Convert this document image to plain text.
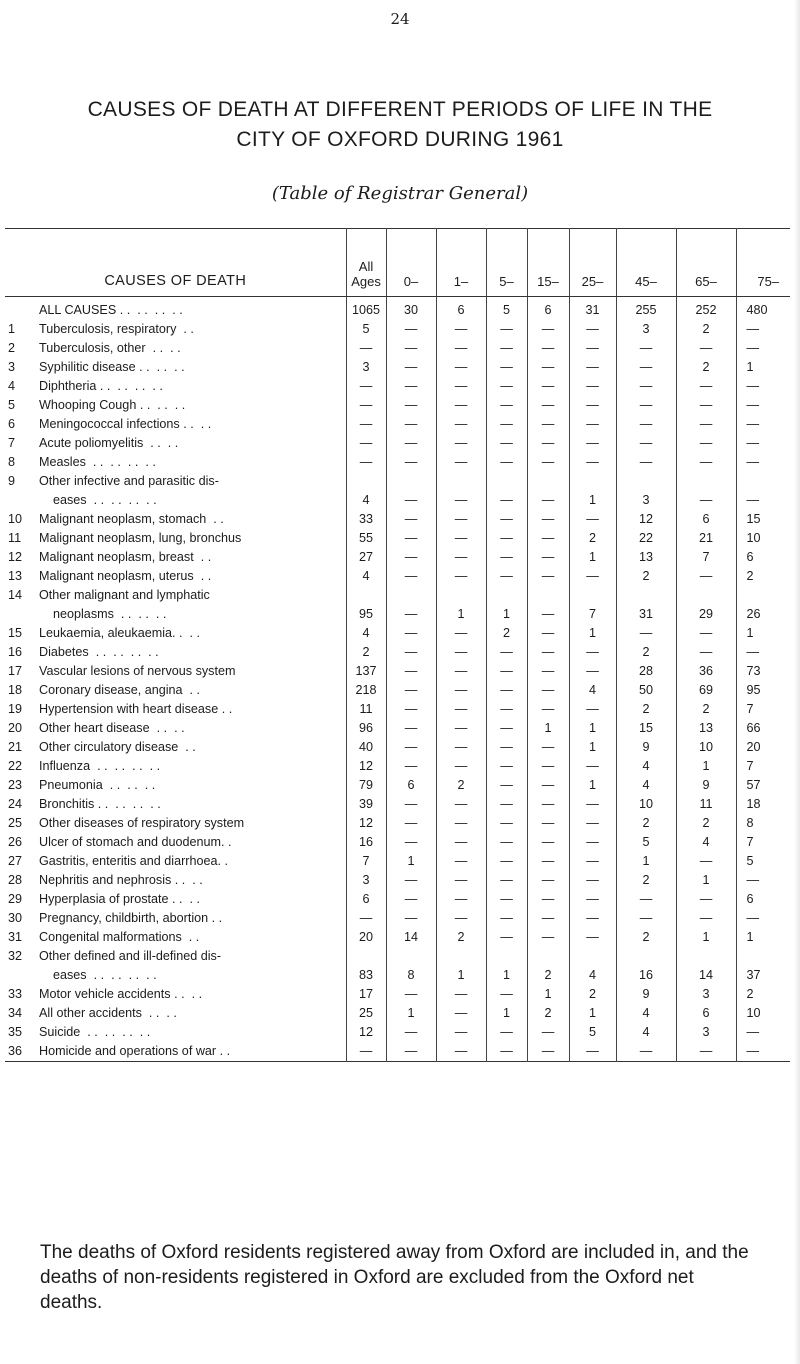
24
CAUSES OF DEATH AT DIFFERENT PERIODS OF LIFE IN THE
CITY OF OXFORD DURING 1961
(Table of Registrar General)
CAUSES OF DEATH		All Ages	0–	1–	5–	15–	25–	45–	65–	75–
	ALL CAUSES . .  . .  . .  . .	1065	30	6	5	6	31	255	252	480
1	Tuberculosis, respiratory  . .	5	—	—	—	—	—	3	2	—
2	Tuberculosis, other  . .  . .	—	—	—	—	—	—	—	—	—
3	Syphilitic disease . .  . .  . .	3	—	—	—	—	—	—	2	1
4	Diphtheria . .  . .  . .  . .	—	—	—	—	—	—	—	—	—
5	Whooping Cough . .  . .  . .	—	—	—	—	—	—	—	—	—
6	Meningococcal infections . .  . .	—	—	—	—	—	—	—	—	—
7	Acute poliomyelitis  . .  . .	—	—	—	—	—	—	—	—	—
8	Measles  . .  . .  . .  . .	—	—	—	—	—	—	—	—	—
9	Other infective and parasitic dis-									
	eases  . .  . .  . .  . .	4	—	—	—	—	1	3	—	—
10	Malignant neoplasm, stomach  . .	33	—	—	—	—	—	12	6	15
11	Malignant neoplasm, lung, bronchus	55	—	—	—	—	2	22	21	10
12	Malignant neoplasm, breast  . .	27	—	—	—	—	1	13	7	6
13	Malignant neoplasm, uterus  . .	4	—	—	—	—	—	2	—	2
14	Other malignant and lymphatic									
	neoplasms  . .  . .  . .	95	—	1	1	—	7	31	29	26
15	Leukaemia, aleukaemia. .  . .	4	—	—	2	—	1	—	—	1
16	Diabetes  . .  . .  . .  . .	2	—	—	—	—	—	2	—	—
17	Vascular lesions of nervous system	137	—	—	—	—	—	28	36	73
18	Coronary disease, angina  . .	218	—	—	—	—	4	50	69	95
19	Hypertension with heart disease . .	11	—	—	—	—	—	2	2	7
20	Other heart disease  . .  . .	96	—	—	—	1	1	15	13	66
21	Other circulatory disease  . .	40	—	—	—	—	1	9	10	20
22	Influenza  . .  . .  . .  . .	12	—	—	—	—	—	4	1	7
23	Pneumonia  . .  . .  . .	79	6	2	—	—	1	4	9	57
24	Bronchitis . .  . .  . .  . .	39	—	—	—	—	—	10	11	18
25	Other diseases of respiratory system	12	—	—	—	—	—	2	2	8
26	Ulcer of stomach and duodenum. .	16	—	—	—	—	—	5	4	7
27	Gastritis, enteritis and diarrhoea. .	7	1	—	—	—	—	1	—	5
28	Nephritis and nephrosis . .  . .	3	—	—	—	—	—	2	1	—
29	Hyperplasia of prostate . .  . .	6	—	—	—	—	—	—	—	6
30	Pregnancy, childbirth, abortion . .	—	—	—	—	—	—	—	—	—
31	Congenital malformations  . .	20	14	2	—	—	—	2	1	1
32	Other defined and ill-defined dis-									
	eases  . .  . .  . .  . .	83	8	1	1	2	4	16	14	37
33	Motor vehicle accidents . .  . .	17	—	—	—	1	2	9	3	2
34	All other accidents  . .  . .	25	1	—	1	2	1	4	6	10
35	Suicide  . .  . .  . .  . .	12	—	—	—	—	5	4	3	—
36	Homicide and operations of war . .	—	—	—	—	—	—	—	—	—
The deaths of Oxford residents registered away from Oxford are included in, and the deaths of non-residents registered in Oxford are excluded from the Oxford net deaths.
